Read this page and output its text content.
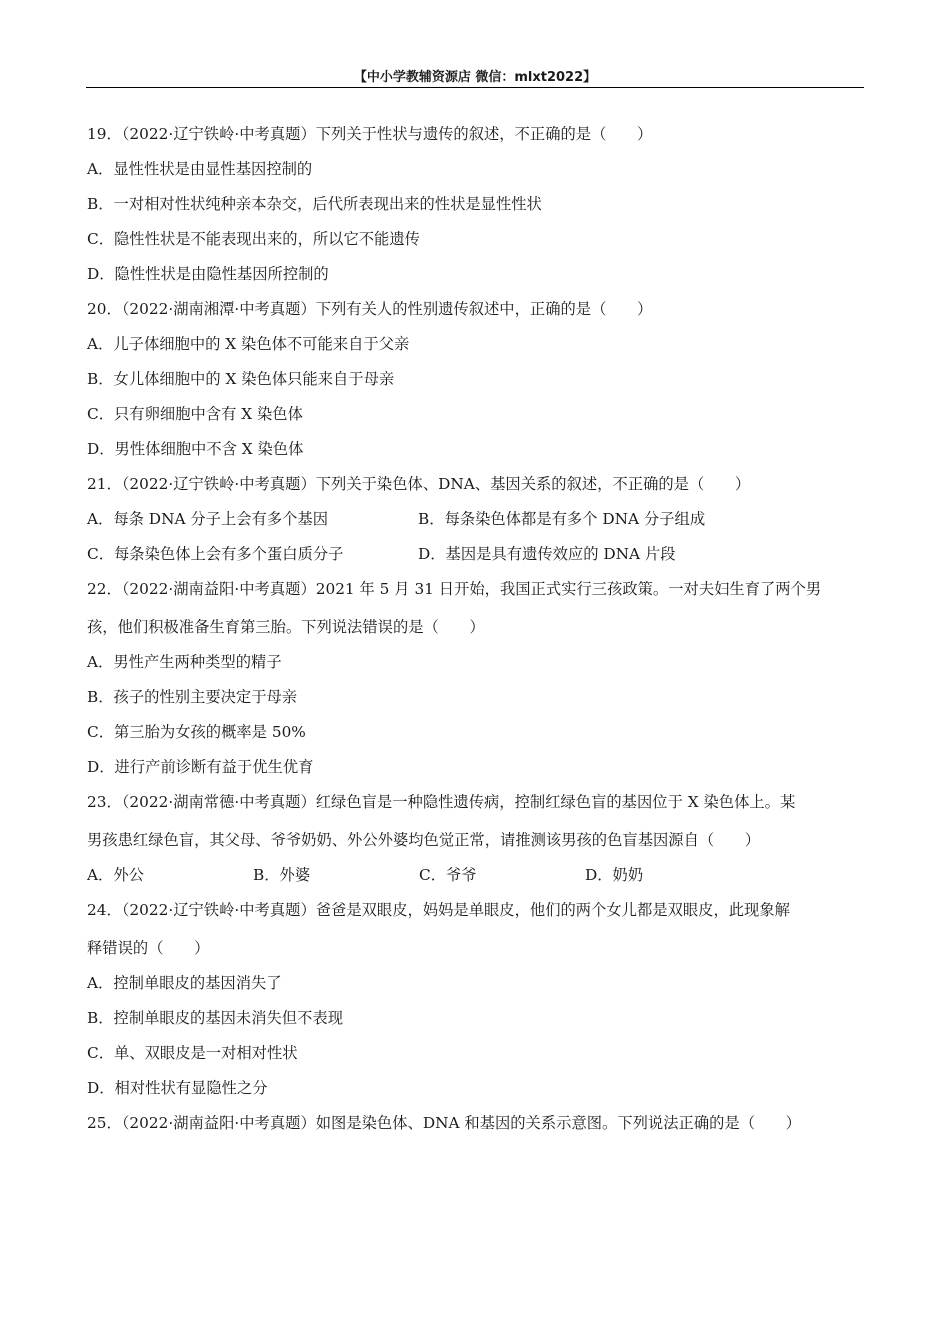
【中小学教辅资源店 微信：mlxt2022】
19．（2022·辽宁铁岭·中考真题）下列关于性状与遗传的叙述，不正确的是（　　）
A．显性性状是由显性基因控制的
B．一对相对性状纯种亲本杂交，后代所表现出来的性状是显性性状
C．隐性性状是不能表现出来的，所以它不能遗传
D．隐性性状是由隐性基因所控制的
20．（2022·湖南湘潭·中考真题）下列有关人的性别遗传叙述中，正确的是（　　）
A．儿子体细胞中的 X 染色体不可能来自于父亲
B．女儿体细胞中的 X 染色体只能来自于母亲
C．只有卵细胞中含有 X 染色体
D．男性体细胞中不含 X 染色体
21．（2022·辽宁铁岭·中考真题）下列关于染色体、DNA、基因关系的叙述，不正确的是（　　）
A．每条 DNA 分子上会有多个基因	B．每条染色体都是有多个 DNA 分子组成
C．每条染色体上会有多个蛋白质分子	D．基因是具有遗传效应的 DNA 片段
22．（2022·湖南益阳·中考真题）2021 年 5 月 31 日开始，我国正式实行三孩政策。一对夫妇生育了两个男
孩，他们积极准备生育第三胎。下列说法错误的是（　　）
A．男性产生两种类型的精子
B．孩子的性别主要决定于母亲
C．第三胎为女孩的概率是 50%
D．进行产前诊断有益于优生优育
23．（2022·湖南常德·中考真题）红绿色盲是一种隐性遗传病，控制红绿色盲的基因位于 X 染色体上。某
男孩患红绿色盲，其父母、爷爷奶奶、外公外婆均色觉正常，请推测该男孩的色盲基因源自（　　）
A．外公	B．外婆	C．爷爷	D．奶奶
24．（2022·辽宁铁岭·中考真题）爸爸是双眼皮，妈妈是单眼皮，他们的两个女儿都是双眼皮，此现象解
释错误的（　　）
A．控制单眼皮的基因消失了
B．控制单眼皮的基因未消失但不表现
C．单、双眼皮是一对相对性状
D．相对性状有显隐性之分
25．（2022·湖南益阳·中考真题）如图是染色体、DNA 和基因的关系示意图。下列说法正确的是（　　）
